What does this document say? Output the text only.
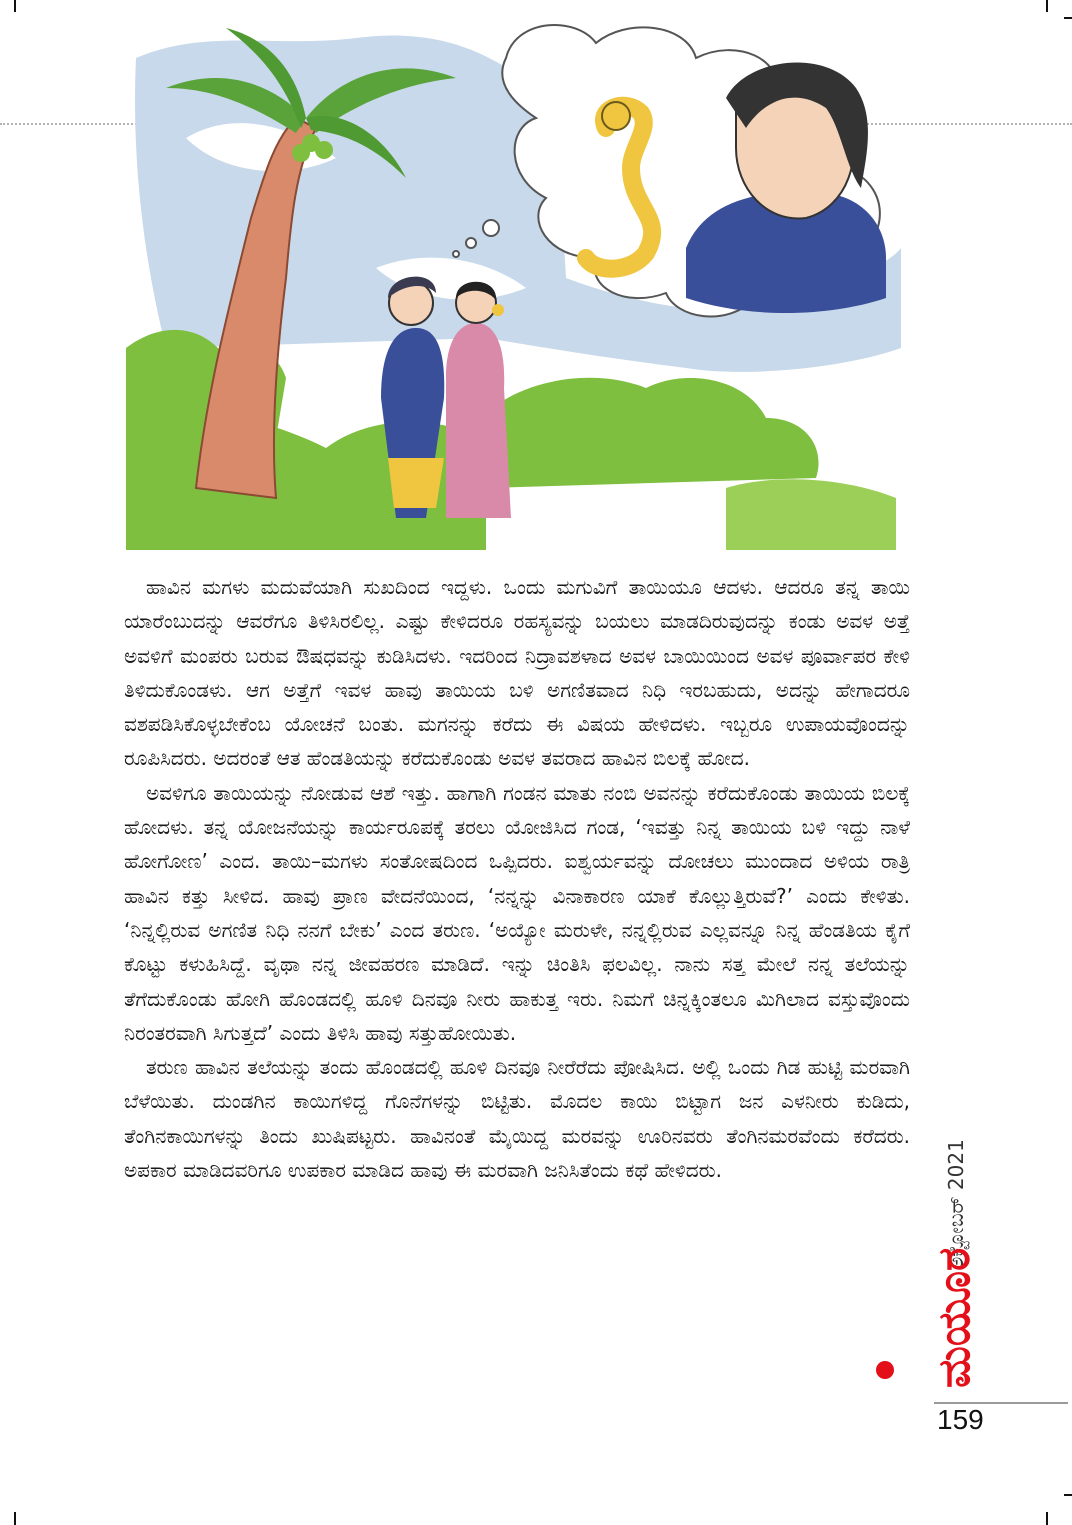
ಹಾವಿನ ಮಗಳು ಮದುವೆಯಾಗಿ ಸುಖದಿಂದ ಇದ್ದಳು. ಒಂದು ಮಗುವಿಗೆ ತಾಯಿಯೂ ಆದಳು. ಆದರೂ ತನ್ನ ತಾಯಿ ಯಾರೆಂಬುದನ್ನು ಆವರೆಗೂ ತಿಳಿಸಿರಲಿಲ್ಲ. ಎಷ್ಟು ಕೇಳಿದರೂ ರಹಸ್ಯವನ್ನು ಬಯಲು ಮಾಡದಿರುವುದನ್ನು ಕಂಡು ಅವಳ ಅತ್ತೆ ಅವಳಿಗೆ ಮಂಪರು ಬರುವ ಔಷಧವನ್ನು ಕುಡಿಸಿದಳು. ಇದರಿಂದ ನಿದ್ರಾವಶಳಾದ ಅವಳ ಬಾಯಿಯಿಂದ ಅವಳ ಪೂರ್ವಾಪರ ಕೇಳಿ ತಿಳಿದುಕೊಂಡಳು. ಆಗ ಅತ್ತೆಗೆ ಇವಳ ಹಾವು ತಾಯಿಯ ಬಳಿ ಅಗಣಿತವಾದ ನಿಧಿ ಇರಬಹುದು, ಅದನ್ನು ಹೇಗಾದರೂ ವಶಪಡಿಸಿಕೊಳ್ಳಬೇಕೆಂಬ ಯೋಚನೆ ಬಂತು. ಮಗನನ್ನು ಕರೆದು ಈ ವಿಷಯ ಹೇಳಿದಳು. ಇಬ್ಬರೂ ಉಪಾಯವೊಂದನ್ನು ರೂಪಿಸಿದರು. ಅದರಂತೆ ಆತ ಹೆಂಡತಿಯನ್ನು ಕರೆದುಕೊಂಡು ಅವಳ ತವರಾದ ಹಾವಿನ ಬಿಲಕ್ಕೆ ಹೋದ.

ಅವಳಿಗೂ ತಾಯಿಯನ್ನು ನೋಡುವ ಆಶೆ ಇತ್ತು. ಹಾಗಾಗಿ ಗಂಡನ ಮಾತು ನಂಬಿ ಅವನನ್ನು ಕರೆದುಕೊಂಡು ತಾಯಿಯ ಬಿಲಕ್ಕೆ ಹೋದಳು. ತನ್ನ ಯೋಜನೆಯನ್ನು ಕಾರ್ಯರೂಪಕ್ಕೆ ತರಲು ಯೋಜಿಸಿದ ಗಂಡ, ‘ಇವತ್ತು ನಿನ್ನ ತಾಯಿಯ ಬಳಿ ಇದ್ದು ನಾಳೆ ಹೋಗೋಣ’ ಎಂದ. ತಾಯಿ–ಮಗಳು ಸಂತೋಷದಿಂದ ಒಪ್ಪಿದರು. ಐಶ್ವರ್ಯವನ್ನು ದೋಚಲು ಮುಂದಾದ ಅಳಿಯ ರಾತ್ರಿ ಹಾವಿನ ಕತ್ತು ಸೀಳಿದ. ಹಾವು ಪ್ರಾಣ ವೇದನೆಯಿಂದ, ‘ನನ್ನನ್ನು ವಿನಾಕಾರಣ ಯಾಕೆ ಕೊಲ್ಲುತ್ತಿರುವೆ?’ ಎಂದು ಕೇಳಿತು. ‘ನಿನ್ನಲ್ಲಿರುವ ಅಗಣಿತ ನಿಧಿ ನನಗೆ ಬೇಕು’ ಎಂದ ತರುಣ. ‘ಅಯ್ಯೋ ಮರುಳೇ, ನನ್ನಲ್ಲಿರುವ ಎಲ್ಲವನ್ನೂ ನಿನ್ನ ಹೆಂಡತಿಯ ಕೈಗೆ ಕೊಟ್ಟು ಕಳುಹಿಸಿದ್ದೆ. ವೃಥಾ ನನ್ನ ಜೀವಹರಣ ಮಾಡಿದೆ. ಇನ್ನು ಚಿಂತಿಸಿ ಫಲವಿಲ್ಲ. ನಾನು ಸತ್ತ ಮೇಲೆ ನನ್ನ ತಲೆಯನ್ನು ತೆಗೆದುಕೊಂಡು ಹೋಗಿ ಹೊಂಡದಲ್ಲಿ ಹೂಳಿ ದಿನವೂ ನೀರು ಹಾಕುತ್ತ ಇರು. ನಿಮಗೆ ಚಿನ್ನಕ್ಕಿಂತಲೂ ಮಿಗಿಲಾದ ವಸ್ತುವೊಂದು ನಿರಂತರವಾಗಿ ಸಿಗುತ್ತದೆ’ ಎಂದು ತಿಳಿಸಿ ಹಾವು ಸತ್ತುಹೋಯಿತು.

ತರುಣ ಹಾವಿನ ತಲೆಯನ್ನು ತಂದು ಹೊಂಡದಲ್ಲಿ ಹೂಳಿ ದಿನವೂ ನೀರೆರೆದು ಪೋಷಿಸಿದ. ಅಲ್ಲಿ ಒಂದು ಗಿಡ ಹುಟ್ಟಿ ಮರವಾಗಿ ಬೆಳೆಯಿತು. ದುಂಡಗಿನ ಕಾಯಿಗಳಿದ್ದ ಗೊನೆಗಳನ್ನು ಬಿಟ್ಟಿತು. ಮೊದಲ ಕಾಯಿ ಬಿಟ್ಟಾಗ ಜನ ಎಳನೀರು ಕುಡಿದು, ತೆಂಗಿನಕಾಯಿಗಳನ್ನು ತಿಂದು ಖುಷಿಪಟ್ಟರು. ಹಾವಿನಂತೆ ಮೈಯಿದ್ದ ಮರವನ್ನು ಊರಿನವರು ತೆಂಗಿನಮರವೆಂದು ಕರೆದರು. ಅಪಕಾರ ಮಾಡಿದವರಿಗೂ ಉಪಕಾರ ಮಾಡಿದ ಹಾವು ಈ ಮರವಾಗಿ ಜನಿಸಿತೆಂದು ಕಥೆ ಹೇಳಿದರು.	ಅಕ್ಟೋಬರ್ 2021
ಮಯೂರ
159
